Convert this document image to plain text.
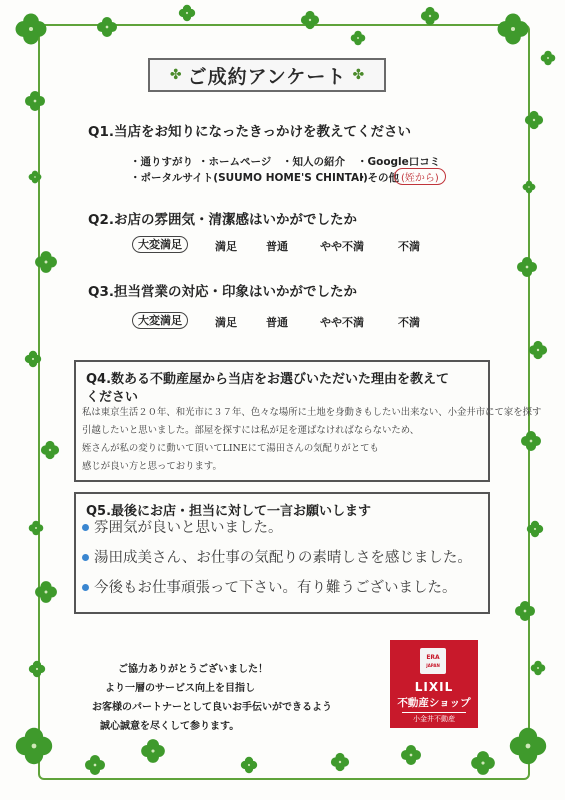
✤ ご成約アンケート ✤
Q1.当店をお知りになったきっかけを教えてください
・通りすがり ・ホームページ ・知人の紹介 ・Google口コミ
・ポータルサイト(SUUMO HOME'S CHINTAI)
・その他 (姪から)
Q2.お店の雰囲気・清潔感はいかがでしたか
大変満足	満足	普通	やや不満	不満
Q3.担当営業の対応・印象はいかがでしたか
大変満足	満足	普通	やや不満	不満
Q4.数ある不動産屋から当店をお選びいただいた理由を教えて
ください
私は東京生活２０年、和光市に３７年、色々な場所に土地を身動きもしたい出来ない、小金井市にて家を探す
引越したいと思いました。部屋を探すには私が足を運ばなければならないため、
姪さんが私の変りに動いて頂いてLINEにて湯田さんの気配りがとても
感じが良い方と思っております。
Q5.最後にお店・担当に対して一言お願いします
雰囲気が良いと思いました。
湯田成美さん、お仕事の気配りの素晴しさを感じました。
今後もお仕事頑張って下さい。有り難うございました。
ご協力ありがとうございました！
より一層のサービス向上を目指し
お客様のパートナーとして良いお手伝いができるよう
誠心誠意を尽くして参ります。
ERA
JAPAN
LIXIL
不動産ショップ
小金井不動産
